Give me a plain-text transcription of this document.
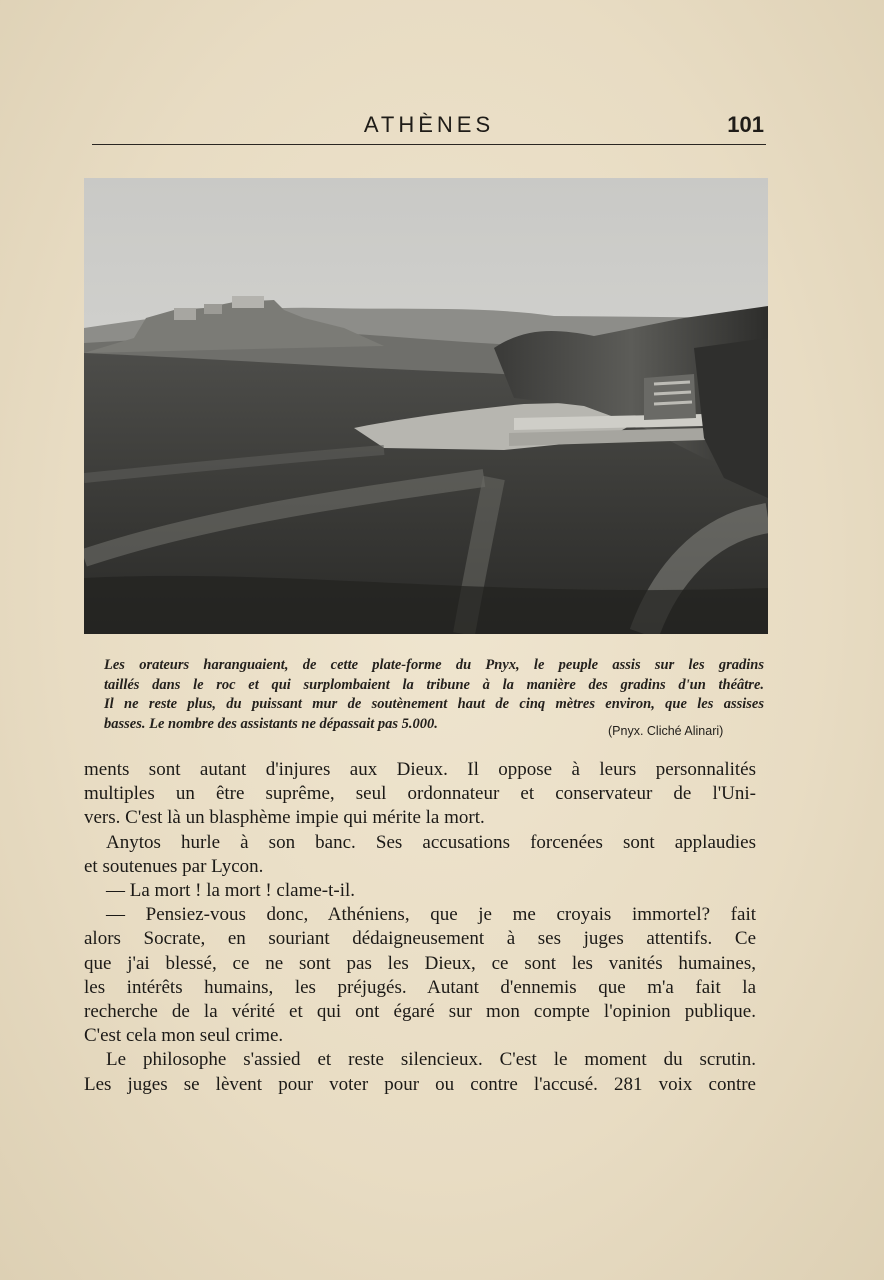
ATHÈNES	101
Les orateurs haranguaient, de cette plate-forme du Pnyx, le peuple assis sur les gradins
taillés dans le roc et qui surplombaient la tribune à la manière des gradins d'un théâtre.
Il ne reste plus, du puissant mur de soutènement haut de cinq mètres environ, que les assises
basses. Le nombre des assistants ne dépassait pas 5.000.	(Pnyx. Cliché Alinari)
ments sont autant d'injures aux Dieux. Il oppose à leurs personnalités
multiples un être suprême, seul ordonnateur et conservateur de l'Uni-
vers. C'est là un blasphème impie qui mérite la mort.
Anytos hurle à son banc. Ses accusations forcenées sont applaudies
et soutenues par Lycon.
— La mort ! la mort ! clame-t-il.
— Pensiez-vous donc, Athéniens, que je me croyais immortel? fait
alors Socrate, en souriant dédaigneusement à ses juges attentifs. Ce
que j'ai blessé, ce ne sont pas les Dieux, ce sont les vanités humaines,
les intérêts humains, les préjugés. Autant d'ennemis que m'a fait la
recherche de la vérité et qui ont égaré sur mon compte l'opinion publique.
C'est cela mon seul crime.
Le philosophe s'assied et reste silencieux. C'est le moment du scrutin.
Les juges se lèvent pour voter pour ou contre l'accusé. 281 voix contre
